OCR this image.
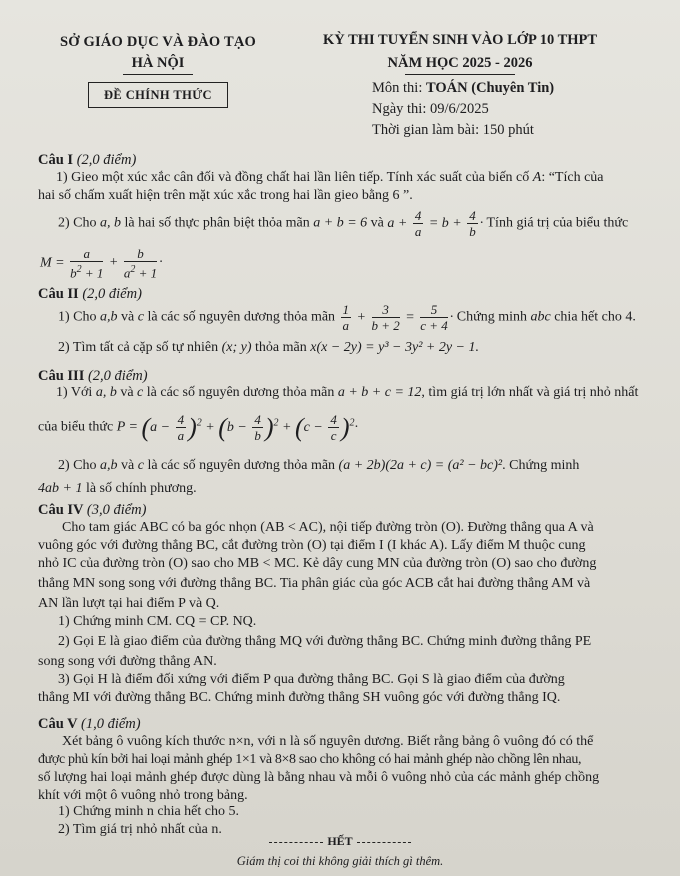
SỞ GIÁO DỤC VÀ ĐÀO TẠO
HÀ NỘI
ĐỀ CHÍNH THỨC
KỲ THI TUYỂN SINH VÀO LỚP 10 THPT
NĂM HỌC 2025 - 2026
Môn thi: TOÁN (Chuyên Tin)
Ngày thi: 09/6/2025
Thời gian làm bài: 150 phút
Câu I (2,0 điểm)
1) Gieo một xúc xắc cân đối và đồng chất hai lần liên tiếp. Tính xác suất của biến cố A: “Tích của
hai số chấm xuất hiện trên mặt xúc xắc trong hai lần gieo bằng 6 ”.
2) Cho a, b là hai số thực phân biệt thỏa mãn a + b = 6 và $a + \frac{4}{a} = b + \frac{4}{b}$ · Tính giá trị của biểu thức
$M = \frac{a}{b^2 + 1} + \frac{b}{a^2 + 1}$ ·
Câu II (2,0 điểm)
1) Cho a,b và c là các số nguyên dương thỏa mãn $\frac{1}{a} + \frac{3}{b + 2} = \frac{5}{c + 4}$ · Chứng minh abc chia hết cho 4.
2) Tìm tất cả cặp số tự nhiên (x; y) thỏa mãn x(x − 2y) = y³ − 3y² + 2y − 1.
Câu III (2,0 điểm)
1) Với a, b và c là các số nguyên dương thỏa mãn a + b + c = 12, tìm giá trị lớn nhất và giá trị nhỏ nhất
của biểu thức $P = (a - \frac{4}{a} )^2 + (b - \frac{4}{b} )^2 + (c - \frac{4}{c} )^2\cdot$
2) Cho a,b và c là các số nguyên dương thỏa mãn (a + 2b)(2a + c) = (a² − bc)². Chứng minh
4ab + 1 là số chính phương.
Câu IV (3,0 điểm)
Cho tam giác ABC có ba góc nhọn (AB < AC), nội tiếp đường tròn (O). Đường thẳng qua A và
vuông góc với đường thẳng BC, cắt đường tròn (O) tại điểm I (I khác A). Lấy điểm M thuộc cung
nhỏ IC của đường tròn (O) sao cho MB < MC. Kẻ dây cung MN của đường tròn (O) sao cho đường
thẳng MN song song với đường thẳng BC. Tia phân giác của góc ACB cắt hai đường thẳng AM và
AN lần lượt tại hai điểm P và Q.
1) Chứng minh CM. CQ = CP. NQ.
2) Gọi E là giao điểm của đường thẳng MQ với đường thẳng BC. Chứng minh đường thẳng PE
song song với đường thẳng AN.
3) Gọi H là điểm đối xứng với điểm P qua đường thẳng BC. Gọi S là giao điểm của đường
thẳng MI với đường thẳng BC. Chứng minh đường thẳng SH vuông góc với đường thẳng IQ.
Câu V (1,0 điểm)
Xét bảng ô vuông kích thước n×n, với n là số nguyên dương. Biết rằng bảng ô vuông đó có thể
được phủ kín bởi hai loại mảnh ghép 1×1 và 8×8 sao cho không có hai mảnh ghép nào chồng lên nhau,
số lượng hai loại mảnh ghép được dùng là bằng nhau và mỗi ô vuông nhỏ của các mảnh ghép chồng
khít với một ô vuông nhỏ trong bảng.
1) Chứng minh n chia hết cho 5.
2) Tìm giá trị nhỏ nhất của n.
HẾT
Giám thị coi thi không giải thích gì thêm.
